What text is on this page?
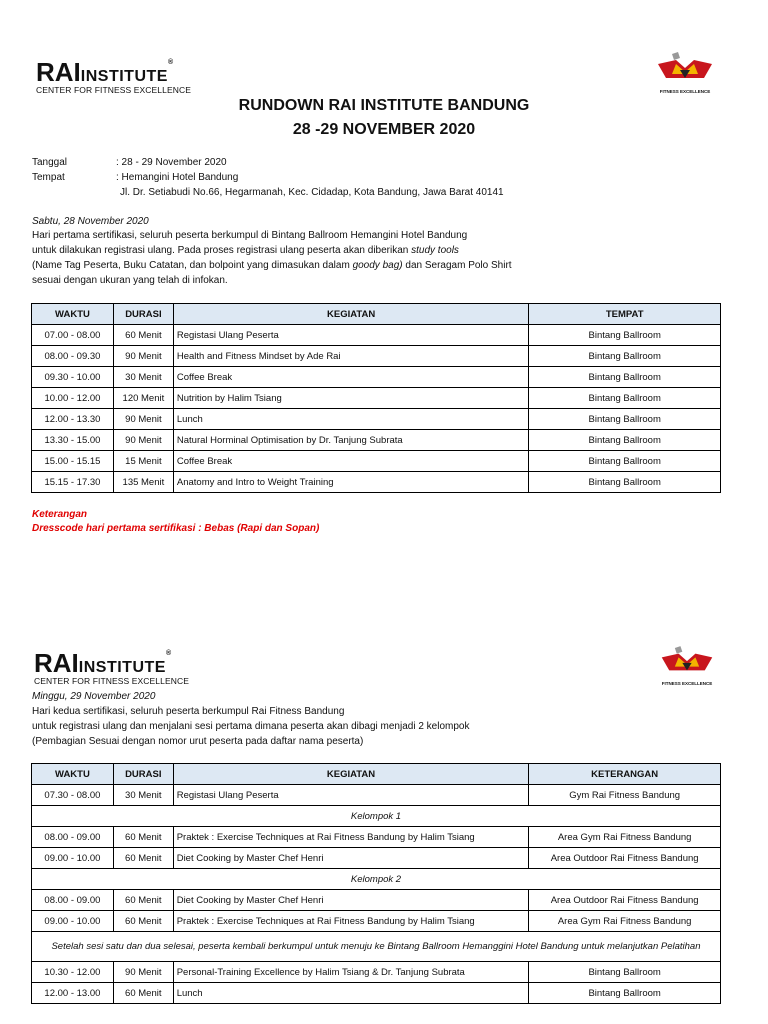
RAIINSTITUTE®
CENTER FOR FITNESS EXCELLENCE	FITNESS EXCELLENCE
RUNDOWN RAI INSTITUTE BANDUNG
28 -29 NOVEMBER 2020
Tanggal	: 28 - 29 November 2020
Tempat	: Hemangini Hotel Bandung
Jl. Dr. Setiabudi No.66, Hegarmanah, Kec. Cidadap, Kota Bandung, Jawa Barat 40141
Sabtu, 28 November 2020
Hari pertama sertifikasi, seluruh peserta berkumpul di Bintang Ballroom Hemangini Hotel Bandung
untuk dilakukan registrasi ulang. Pada proses registrasi ulang peserta akan diberikan study tools
(Name Tag Peserta, Buku Catatan, dan bolpoint yang dimasukan dalam goody bag) dan Seragam Polo Shirt
sesuai dengan ukuran yang telah di infokan.
WAKTU	DURASI	KEGIATAN	TEMPAT
07.00 - 08.00	60 Menit	Registasi Ulang Peserta	Bintang Ballroom
08.00 - 09.30	90 Menit	Health and Fitness Mindset by Ade Rai	Bintang Ballroom
09.30 - 10.00	30 Menit	Coffee Break	Bintang Ballroom
10.00 - 12.00	120 Menit	Nutrition by Halim Tsiang	Bintang Ballroom
12.00 - 13.30	90 Menit	Lunch	Bintang Ballroom
13.30 - 15.00	90 Menit	Natural Horminal Optimisation by Dr. Tanjung Subrata	Bintang Ballroom
15.00 - 15.15	15 Menit	Coffee Break	Bintang Ballroom
15.15 - 17.30	135 Menit	Anatomy and Intro to Weight Training	Bintang Ballroom
Keterangan
Dresscode hari pertama sertifikasi : Bebas (Rapi dan Sopan)
RAIINSTITUTE®
CENTER FOR FITNESS EXCELLENCE	FITNESS EXCELLENCE
Minggu, 29 November 2020
Hari kedua sertifikasi, seluruh peserta berkumpul Rai Fitness Bandung
untuk registrasi ulang dan menjalani sesi pertama dimana peserta akan dibagi menjadi 2 kelompok
(Pembagian Sesuai dengan nomor urut peserta pada daftar nama peserta)
WAKTU	DURASI	KEGIATAN	KETERANGAN
07.30 - 08.00	30 Menit	Registasi Ulang Peserta	Gym Rai Fitness Bandung
Kelompok 1			
08.00 - 09.00	60 Menit	Praktek : Exercise Techniques at Rai Fitness Bandung by Halim Tsiang	Area Gym Rai Fitness Bandung
09.00 - 10.00	60 Menit	Diet Cooking by Master Chef Henri	Area Outdoor Rai Fitness Bandung
Kelompok 2			
08.00 - 09.00	60 Menit	Diet Cooking by Master Chef Henri	Area Outdoor Rai Fitness Bandung
09.00 - 10.00	60 Menit	Praktek : Exercise Techniques at Rai Fitness Bandung by Halim Tsiang	Area Gym Rai Fitness Bandung
Setelah sesi satu dan dua selesai, peserta kembali berkumpul untuk menuju ke Bintang Ballroom Hemanggini Hotel Bandung untuk melanjutkan Pelatihan			
10.30 - 12.00	90 Menit	Personal-Training Excellence by Halim Tsiang & Dr. Tanjung Subrata	Bintang Ballroom
12.00 - 13.00	60 Menit	Lunch	Bintang Ballroom
